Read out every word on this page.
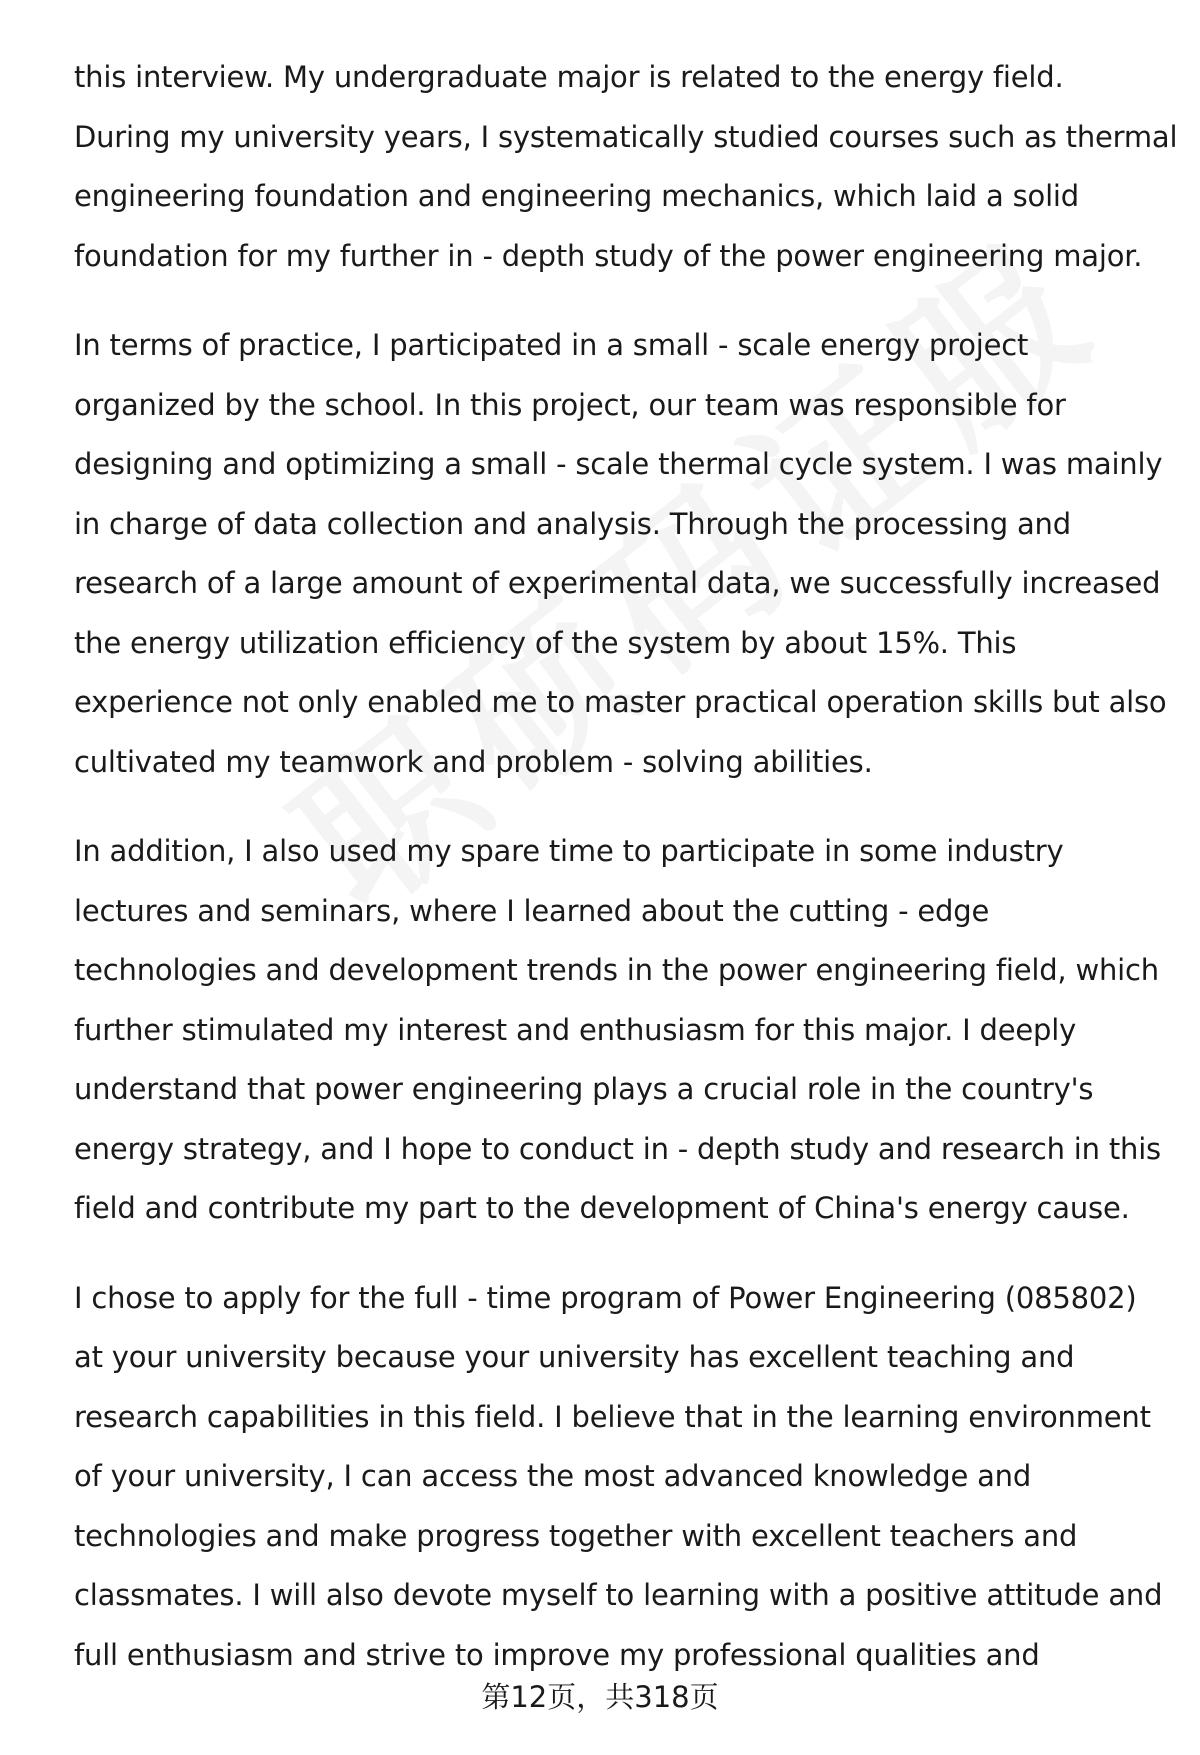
this interview. My undergraduate major is related to the energy field.
During my university years, I systematically studied courses such as thermal
engineering foundation and engineering mechanics, which laid a solid
foundation for my further in - depth study of the power engineering major.

In terms of practice, I participated in a small - scale energy project
organized by the school. In this project, our team was responsible for
designing and optimizing a small - scale thermal cycle system. I was mainly
in charge of data collection and analysis. Through the processing and
research of a large amount of experimental data, we successfully increased
the energy utilization efficiency of the system by about 15%. This
experience not only enabled me to master practical operation skills but also
cultivated my teamwork and problem - solving abilities.

In addition, I also used my spare time to participate in some industry
lectures and seminars, where I learned about the cutting - edge
technologies and development trends in the power engineering field, which
further stimulated my interest and enthusiasm for this major. I deeply
understand that power engineering plays a crucial role in the country's
energy strategy, and I hope to conduct in - depth study and research in this
field and contribute my part to the development of China's energy cause.

I chose to apply for the full - time program of Power Engineering (085802)
at your university because your university has excellent teaching and
research capabilities in this field. I believe that in the learning environment
of your university, I can access the most advanced knowledge and
technologies and make progress together with excellent teachers and
classmates. I will also devote myself to learning with a positive attitude and
full enthusiasm and strive to improve my professional qualities and

第12页，共318页
